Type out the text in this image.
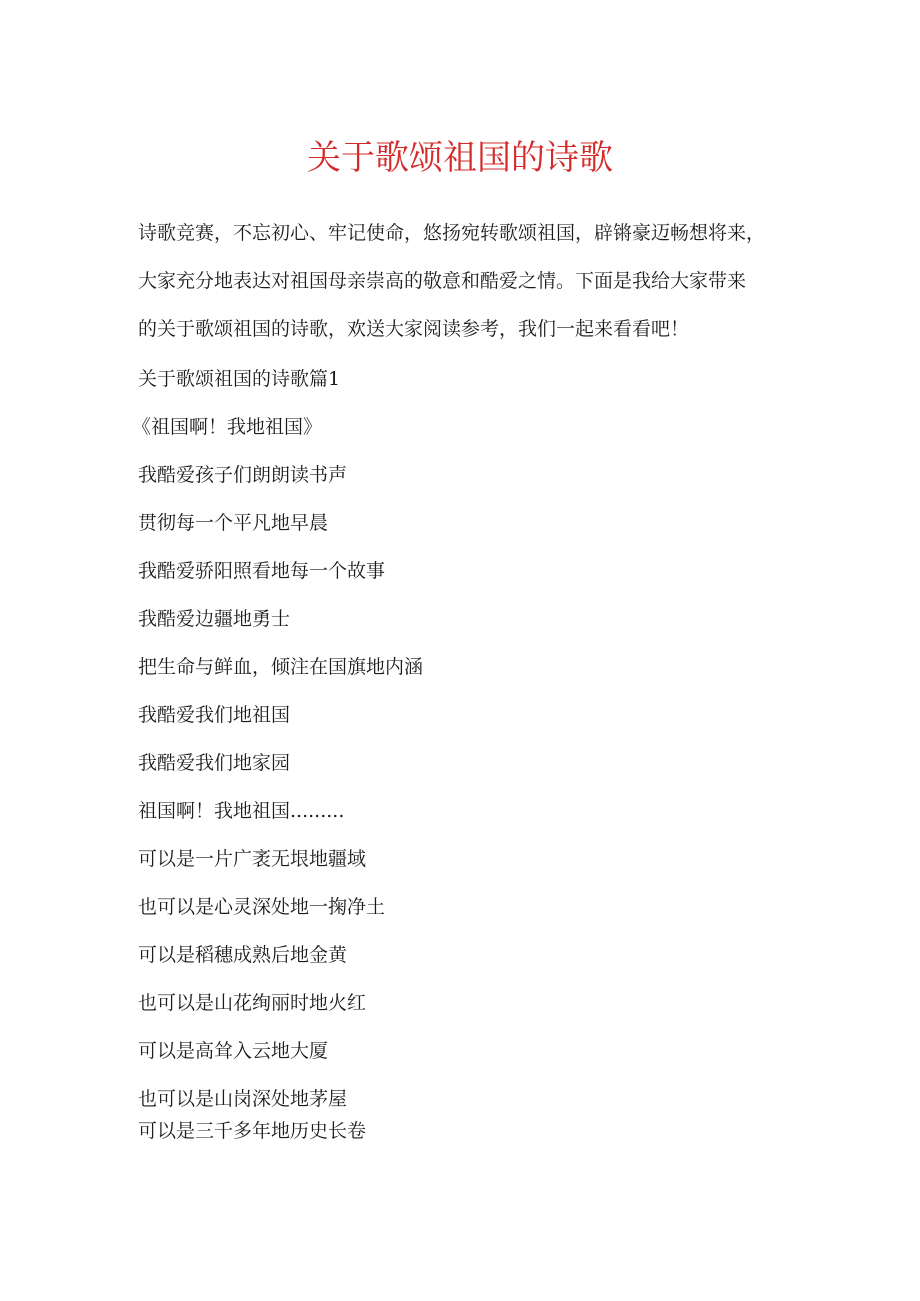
关于歌颂祖国的诗歌
诗歌竞赛，不忘初心、牢记使命，悠扬宛转歌颂祖国，辟锵豪迈畅想将来，
大家充分地表达对祖国母亲崇高的敬意和酷爱之情。下面是我给大家带来
的关于歌颂祖国的诗歌，欢送大家阅读参考，我们一起来看看吧！
关于歌颂祖国的诗歌篇1
《祖国啊！我地祖国》
我酷爱孩子们朗朗读书声
贯彻每一个平凡地早晨
我酷爱骄阳照看地每一个故事
我酷爱边疆地勇士
把生命与鲜血，倾注在国旗地内涵
我酷爱我们地祖国
我酷爱我们地家园
祖国啊！我地祖国.........
可以是一片广袤无垠地疆域
也可以是心灵深处地一掬净土
可以是稻穗成熟后地金黄
也可以是山花绚丽时地火红
可以是高耸入云地大厦
也可以是山岗深处地茅屋
可以是三千多年地历史长卷
